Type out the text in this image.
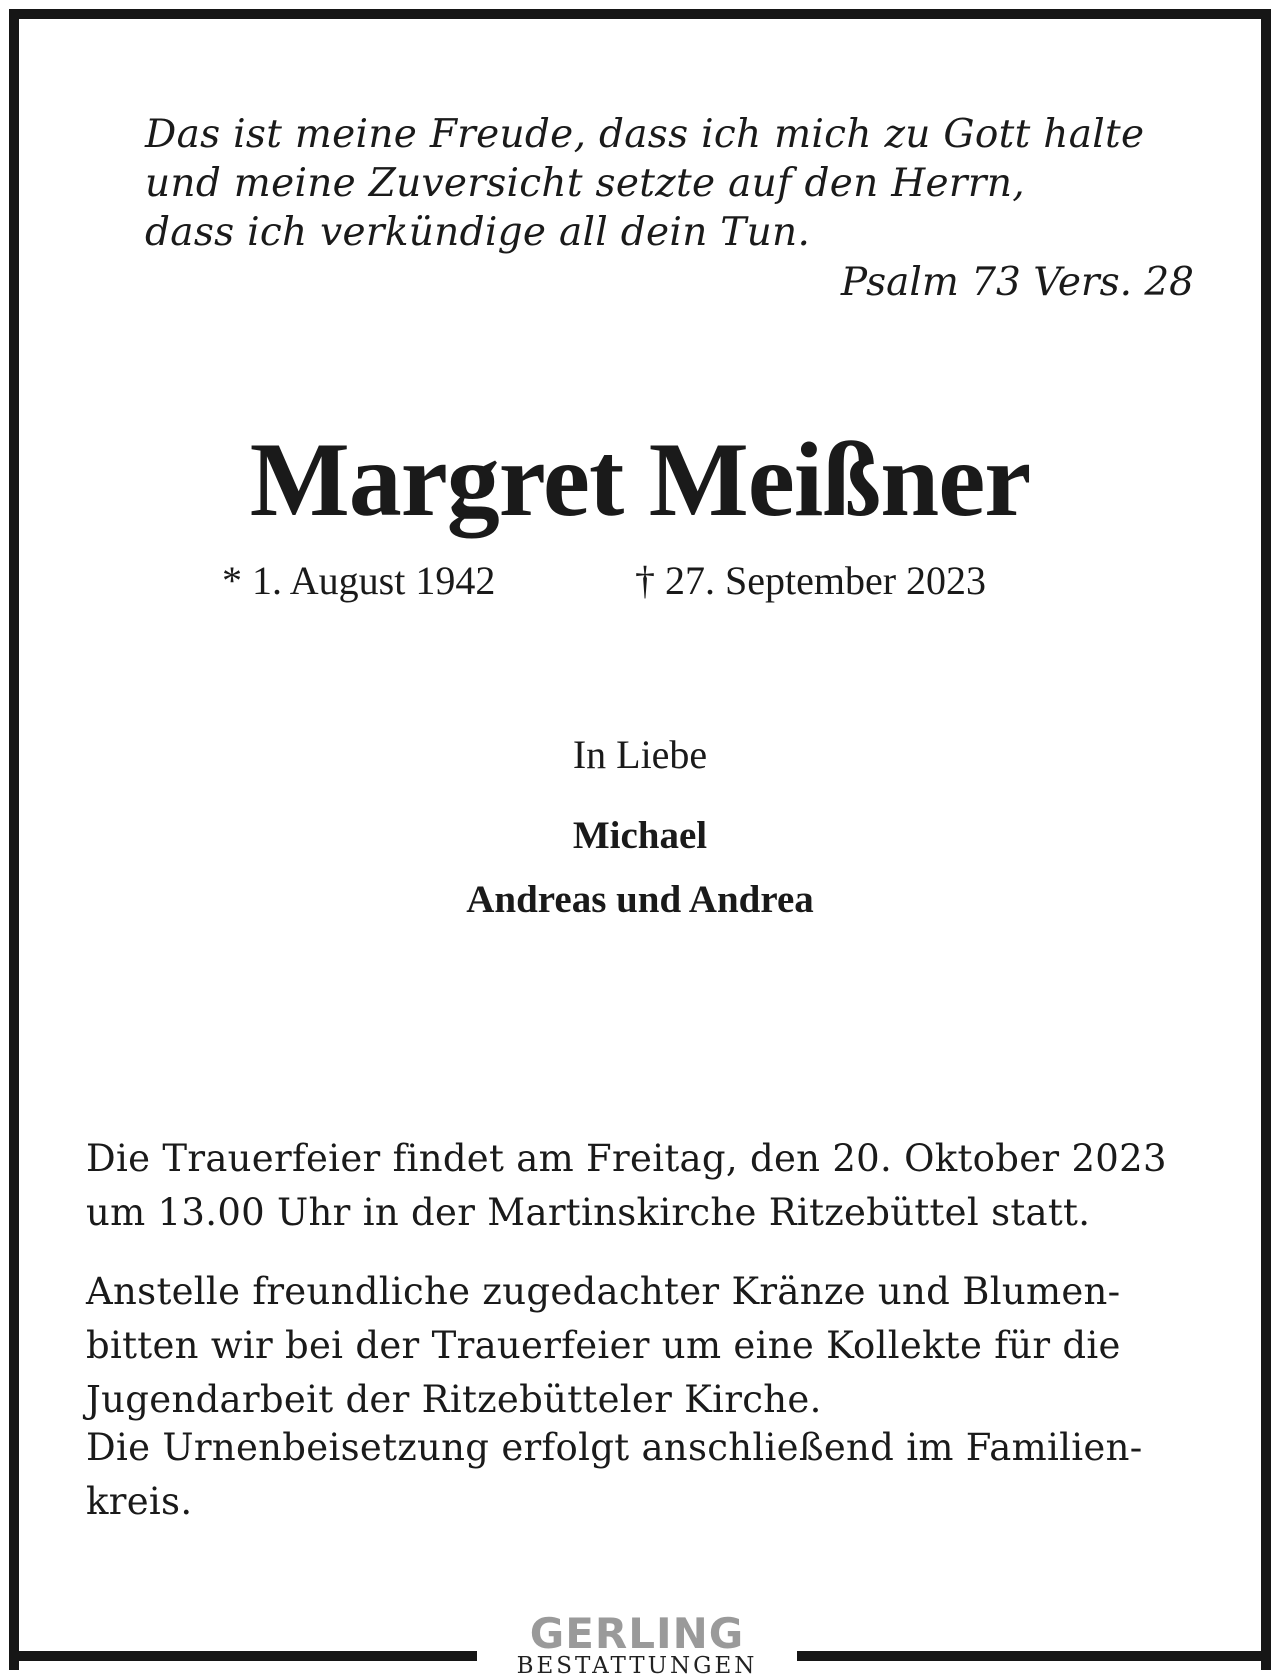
Das ist meine Freude, dass ich mich zu Gott halte
und meine Zuversicht setzte auf den Herrn,
dass ich verkündige all dein Tun.
Psalm 73 Vers. 28
Margret Meißner
* 1. August 1942	† 27. September 2023
In Liebe
Michael
Andreas und Andrea
Die Trauerfeier findet am Freitag, den 20. Oktober 2023
um 13.00 Uhr in der Martinskirche Ritzebüttel statt.
Anstelle freundliche zugedachter Kränze und Blumen-
bitten wir bei der Trauerfeier um eine Kollekte für die
Jugendarbeit der Ritzebütteler Kirche.
Die Urnenbeisetzung erfolgt anschließend im Familien-
kreis.
GERLING
BESTATTUNGEN
